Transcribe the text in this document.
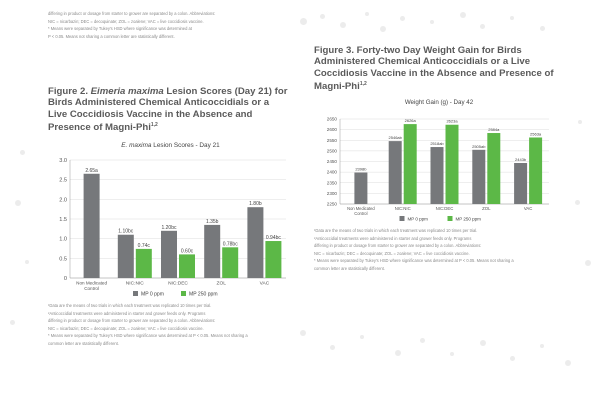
differing in product or dosage from starter to grower are separated by a colon. Abbreviations:
NIC = nicarbazin; DEC = decoquinate; ZOL = zoalene; VAC = live coccidiosis vaccine.
* Means were separated by Tukey's HSD where significance was determined at
P < 0.05. Means not sharing a common letter are statistically different.
Figure 2. Eimeria maxima Lesion Scores (Day 21) for Birds Administered Chemical Anticoccidials or a Live Coccidiosis Vaccine in the Absence and Presence of Magni-Phi$^{1,2}$
E. maxima Lesion Scores - Day 21
0
0.5
1.0
1.5
2.0
2.5
3.0
2.65a
Non Medicated
Control
1.10bc
0.74c
NIC:NIC
1.20bc
0.60c
NIC:DEC
1.35b
0.78bc
ZOL
1.80b
0.94bc
VAC
MP 0 ppm	MP 250 ppm
¹Data are the means of two trials in which each treatment was replicated 10 times per trial.
²Anticoccidial treatments were administered in starter and grower feeds only. Programs
differing in product or dosage from starter to grower are separated by a colon. Abbreviations:
NIC = nicarbazin; DEC = decoquinate; ZOL = zoalene; VAC = live coccidiosis vaccine.
* Means were separated by Tukey's HSD where significance was determined at P < 0.05. Means not sharing a
common letter are statistically different.
Figure 3. Forty-two Day Weight Gain for Birds Administered Chemical Anticoccidials or a Live Coccidiosis Vaccine in the Absence and Presence of Magni-Phi$^{1,2}$
Weight Gain (g) - Day 42
2250
2300
2350
2400
2450
2500
2550
2600
2650
2398b
Non Medicated
Control
2546ab
2626a
NIC:NIC
2518ab
2623a
NIC:DEC
2505ab
2584a
ZOL
2443b
2563a
VAC
MP 0 ppm	MP 250 ppm
¹Data are the means of two trials in which each treatment was replicated 10 times per trial.
²Anticoccidial treatments were administered in starter and grower feeds only. Programs
differing in product or dosage from starter to grower are separated by a colon. Abbreviations:
NIC = nicarbazin; DEC = decoquinate; ZOL = zoalene; VAC = live coccidiosis vaccine.
* Means were separated by Tukey's HSD where significance was determined at P < 0.05. Means not sharing a
common letter are statistically different.
